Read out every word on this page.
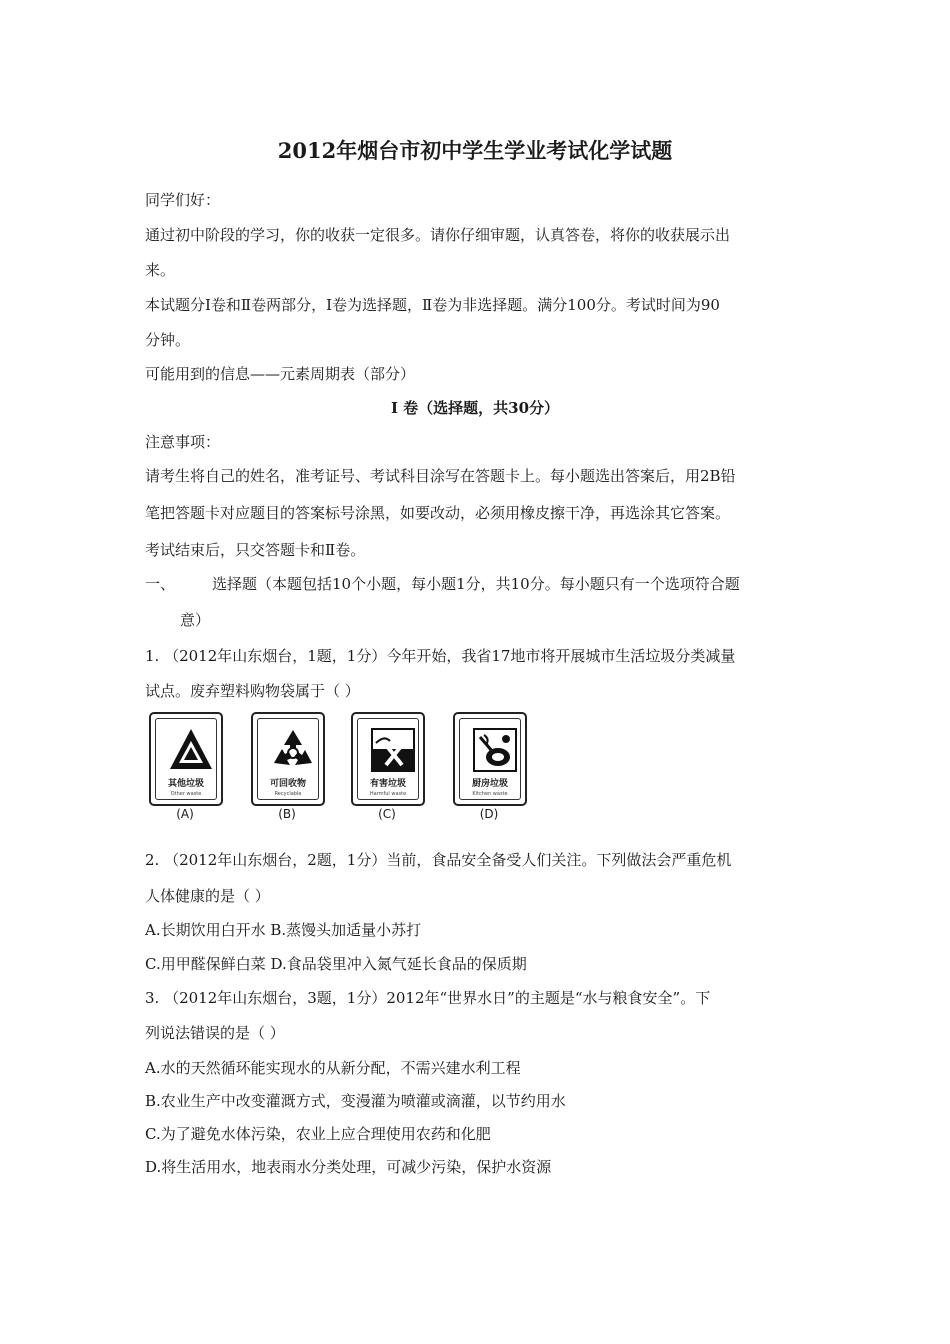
2012年烟台市初中学生学业考试化学试题
同学们好：
通过初中阶段的学习，你的收获一定很多。请你仔细审题，认真答卷，将你的收获展示出
来。
本试题分Ⅰ卷和Ⅱ卷两部分，Ⅰ卷为选择题，Ⅱ卷为非选择题。满分100分。考试时间为90
分钟。
可能用到的信息——元素周期表（部分）
Ⅰ 卷（选择题，共30分）
注意事项：
请考生将自己的姓名，准考证号、考试科目涂写在答题卡上。每小题选出答案后，用2B铅
笔把答题卡对应题目的答案标号涂黑，如要改动，必须用橡皮擦干净，再选涂其它答案。
考试结束后，只交答题卡和Ⅱ卷。
一、 选择题（本题包括10个小题，每小题1分，共10分。每小题只有一个选项符合题
意）
1. （2012年山东烟台，1题，1分）今年开始，我省17地市将开展城市生活垃圾分类减量
试点。废弃塑料购物袋属于（ ）
其他垃圾
Other waste
(A)
可回收物
Recyclable
(B)
有害垃圾
Harmful waste
(C)
厨房垃圾
Kitchen waste
(D)
2. （2012年山东烟台，2题，1分）当前，食品安全备受人们关注。下列做法会严重危机
人体健康的是（ ）
A.长期饮用白开水 B.蒸馒头加适量小苏打
C.用甲醛保鲜白菜 D.食品袋里冲入氮气延长食品的保质期
3. （2012年山东烟台，3题，1分）2012年“世界水日”的主题是“水与粮食安全”。下
列说法错误的是（ ）
A.水的天然循环能实现水的从新分配，不需兴建水利工程
B.农业生产中改变灌溉方式，变漫灌为喷灌或滴灌，以节约用水
C.为了避免水体污染，农业上应合理使用农药和化肥
D.将生活用水，地表雨水分类处理，可减少污染，保护水资源
